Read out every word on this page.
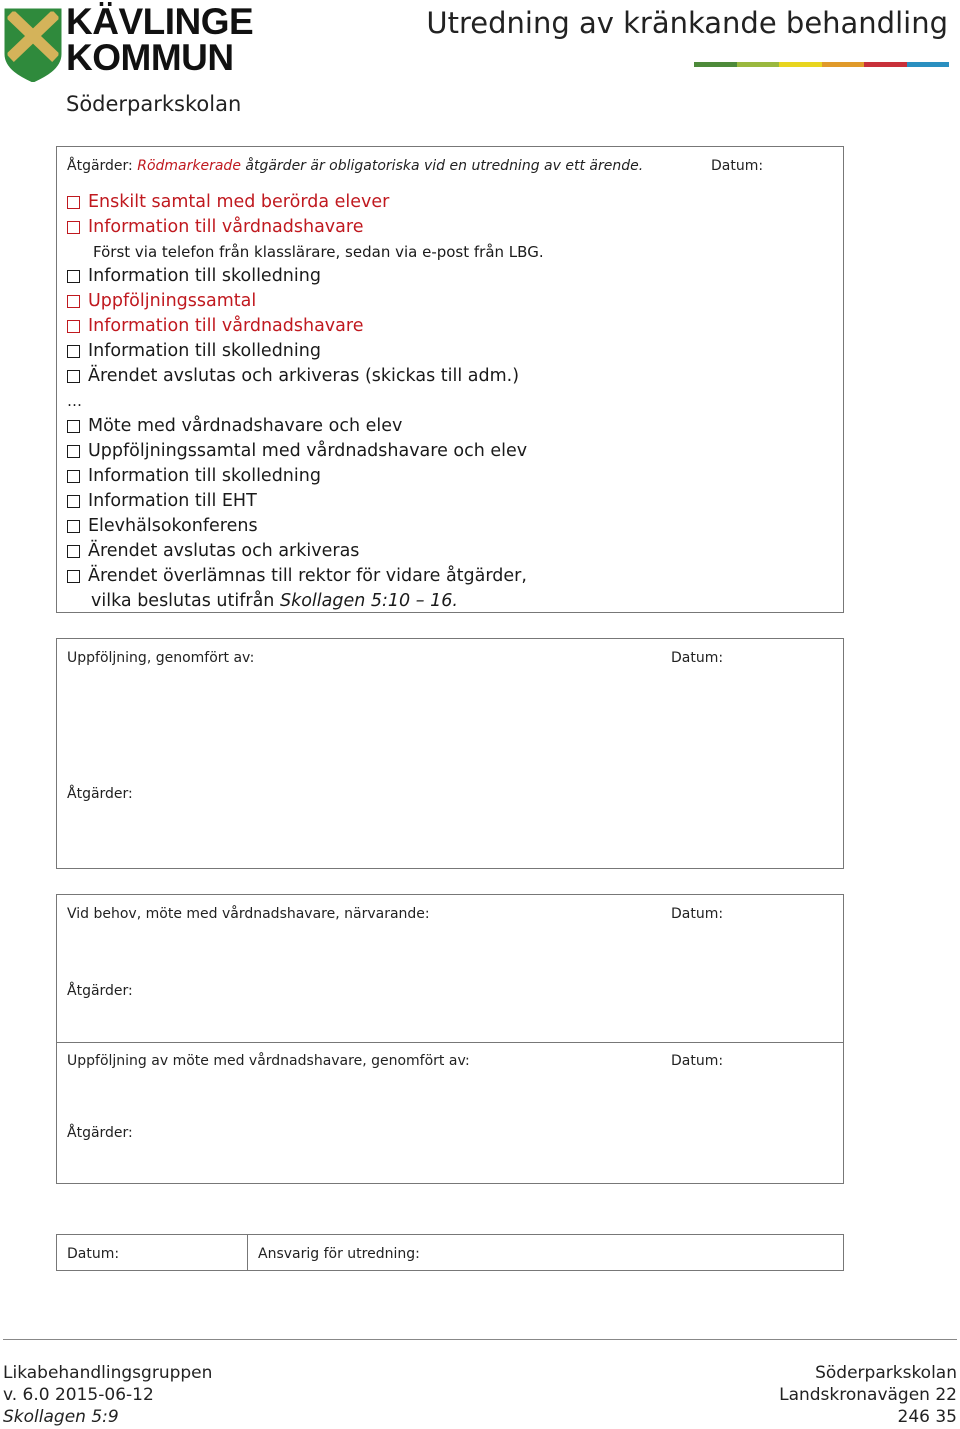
KÄVLINGE
KOMMUN
Söderparkskolan
Utredning av kränkande behandling
Åtgärder: Rödmarkerade åtgärder är obligatoriska vid en utredning av ett ärende.	Datum:
Enskilt samtal med berörda elever
Information till vårdnadshavare
Först via telefon från klasslärare, sedan via e-post från LBG.
Information till skolledning
Uppföljningssamtal
Information till vårdnadshavare
Information till skolledning
Ärendet avslutas och arkiveras (skickas till adm.)
…
Möte med vårdnadshavare och elev
Uppföljningssamtal med vårdnadshavare och elev
Information till skolledning
Information till EHT
Elevhälsokonferens
Ärendet avslutas och arkiveras
Ärendet överlämnas till rektor för vidare åtgärder,
vilka beslutas utifrån Skollagen 5:10 – 16.
Uppföljning, genomfört av:	Datum:
Åtgärder:
Vid behov, möte med vårdnadshavare, närvarande:	Datum:
Åtgärder:
Uppföljning av möte med vårdnadshavare, genomfört av:	Datum:
Åtgärder:
Datum:	Ansvarig för utredning:
Likabehandlingsgruppen
v. 6.0 2015-06-12
Skollagen 5:9
Söderparkskolan
Landskronavägen 22
246 35
